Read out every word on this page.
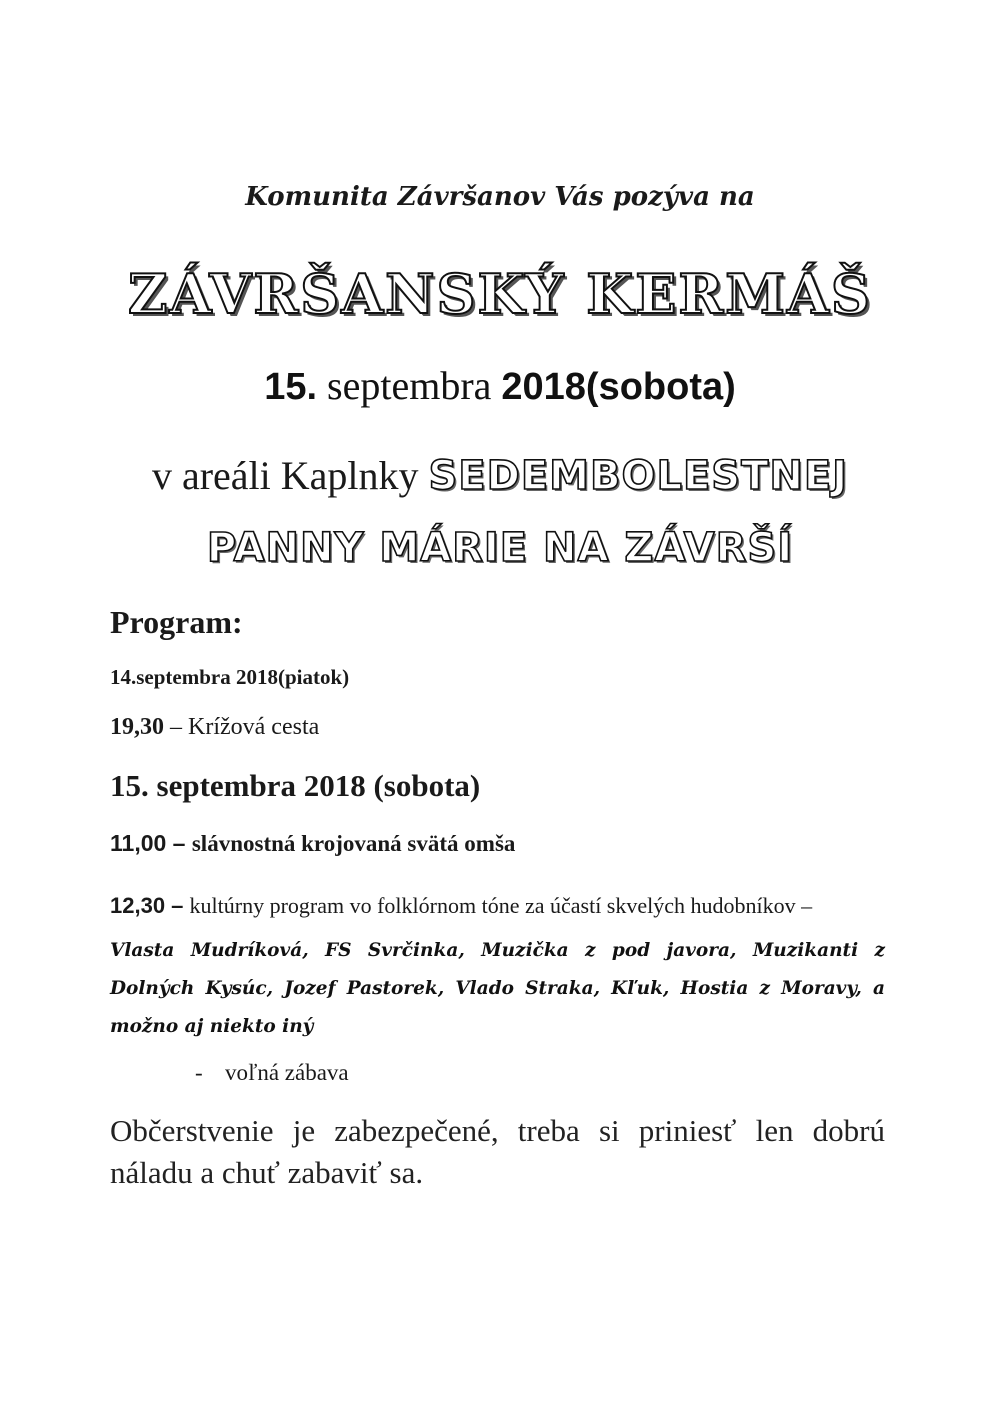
Komunita Závršanov Vás pozýva na
ZÁVRŠANSKÝ KERMÁŠ
15. septembra 2018(sobota)
v areáli Kaplnky SEDEMBOLESTNEJ
PANNY MÁRIE NA ZÁVRŠÍ
Program:
14.septembra 2018(piatok)
19,30 – Krížová cesta
15. septembra 2018 (sobota)
11,00 – slávnostná krojovaná svätá omša
12,30 – kultúrny program vo folklórnom tóne za účastí skvelých hudobníkov –
Vlasta Mudríková, FS Svrčinka, Muzička z pod javora, Muzikanti z Dolných Kysúc, Jozef Pastorek, Vlado Straka, Kľuk, Hostia z Moravy, a možno aj niekto iný
- voľná zábava
Občerstvenie je zabezpečené, treba si priniesť len dobrú náladu a chuť zabaviť sa.
